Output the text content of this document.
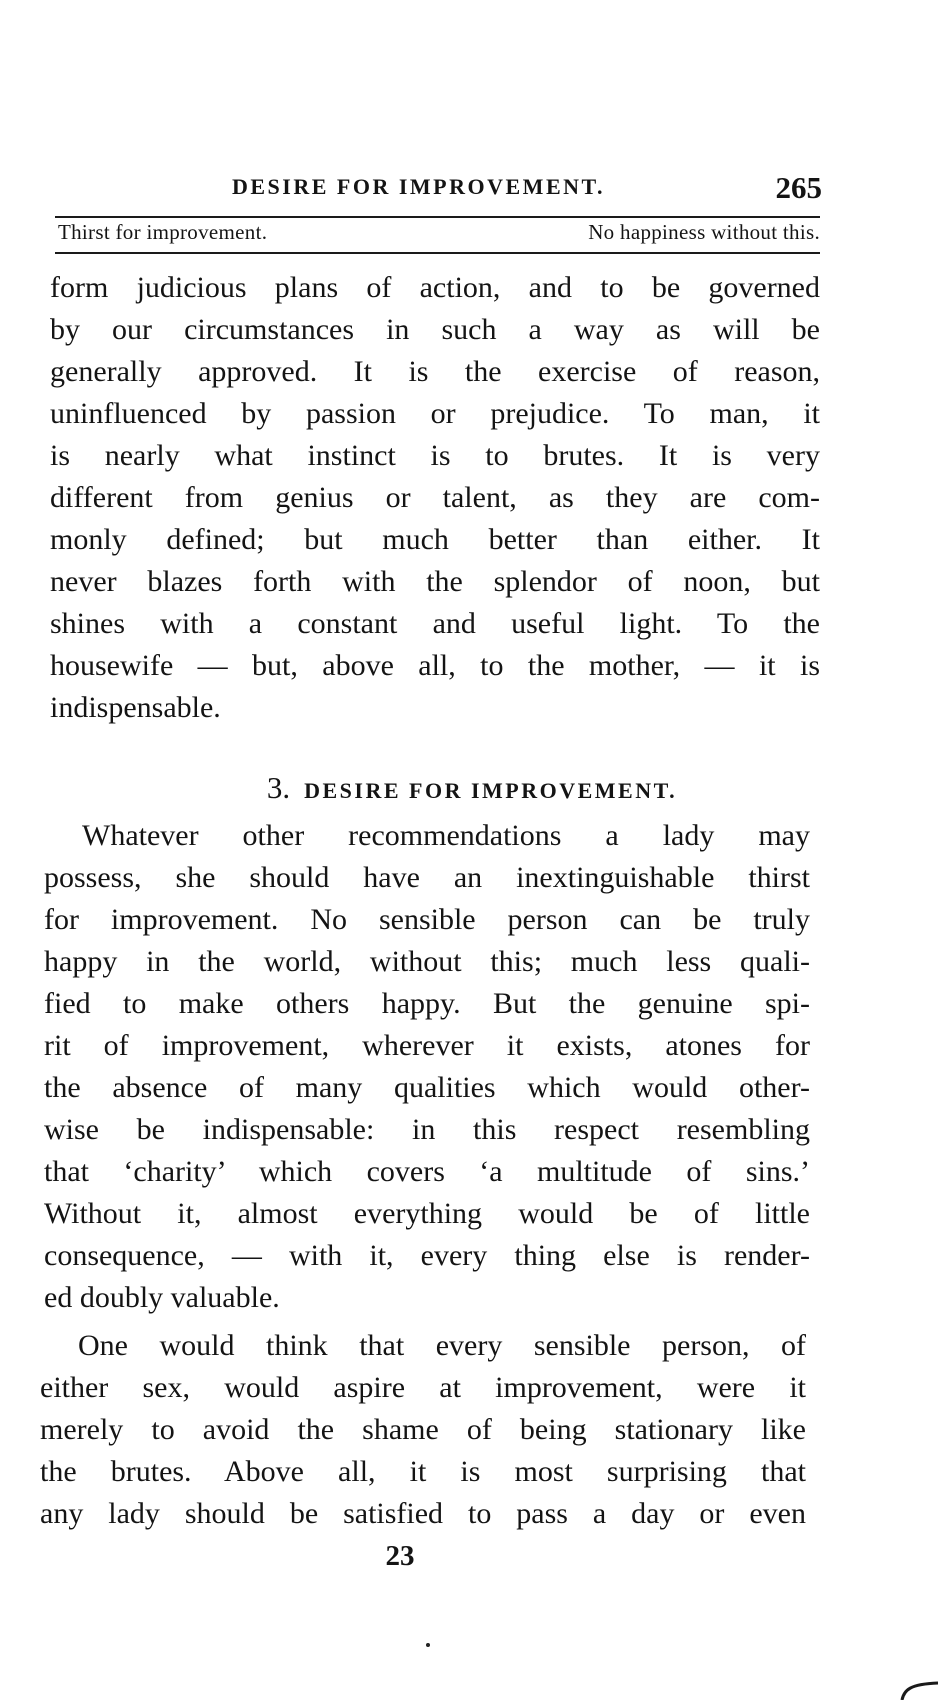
DESIRE FOR IMPROVEMENT.	265
Thirst for improvement.	No happiness without this.
form judicious plans of action, and to be governed
by our circumstances in such a way as will be
generally approved. It is the exercise of reason,
uninfluenced by passion or prejudice. To man, it
is nearly what instinct is to brutes. It is very
different from genius or talent, as they are com-
monly defined; but much better than either. It
never blazes forth with the splendor of noon, but
shines with a constant and useful light. To the
housewife — but, above all, to the mother, — it is
indispensable.
3. DESIRE FOR IMPROVEMENT.
Whatever other recommendations a lady may
possess, she should have an inextinguishable thirst
for improvement. No sensible person can be truly
happy in the world, without this; much less quali-
fied to make others happy. But the genuine spi-
rit of improvement, wherever it exists, atones for
the absence of many qualities which would other-
wise be indispensable: in this respect resembling
that ‘charity’ which covers ‘a multitude of sins.’
Without it, almost everything would be of little
consequence, — with it, every thing else is render-
ed doubly valuable.
One would think that every sensible person, of
either sex, would aspire at improvement, were it
merely to avoid the shame of being stationary like
the brutes. Above all, it is most surprising that
any lady should be satisfied to pass a day or even
23
